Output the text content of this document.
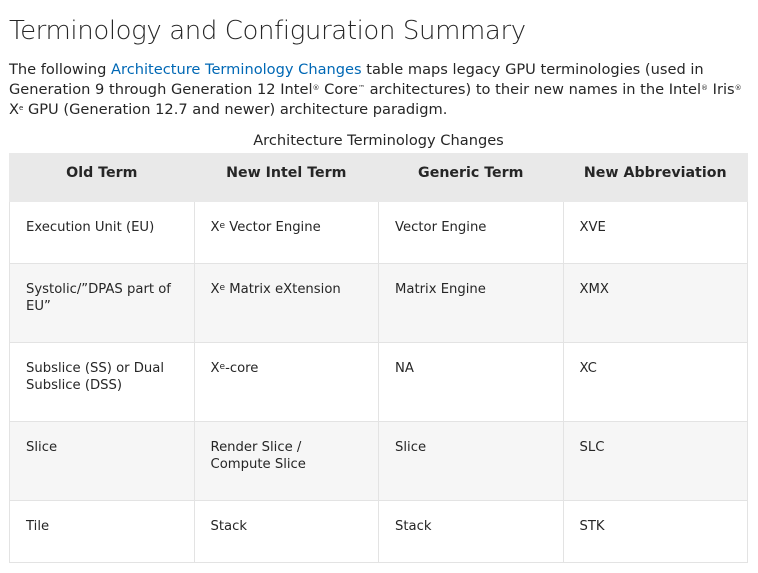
Terminology and Configuration Summary

The following Architecture Terminology Changes table maps legacy GPU terminologies (used in Generation 9 through Generation 12 Intel® Core™ architectures) to their new names in the Intel® Iris® Xe GPU (Generation 12.7 and newer) architecture paradigm.

Architecture Terminology Changes
Old Term	New Intel Term	Generic Term	New Abbreviation
Execution Unit (EU)	Xe Vector Engine	Vector Engine	XVE
Systolic/”DPAS part of EU”	Xe Matrix eXtension	Matrix Engine	XMX
Subslice (SS) or Dual Subslice (DSS)	Xe-core	NA	XC
Slice	Render Slice / Compute Slice	Slice	SLC
Tile	Stack	Stack	STK
